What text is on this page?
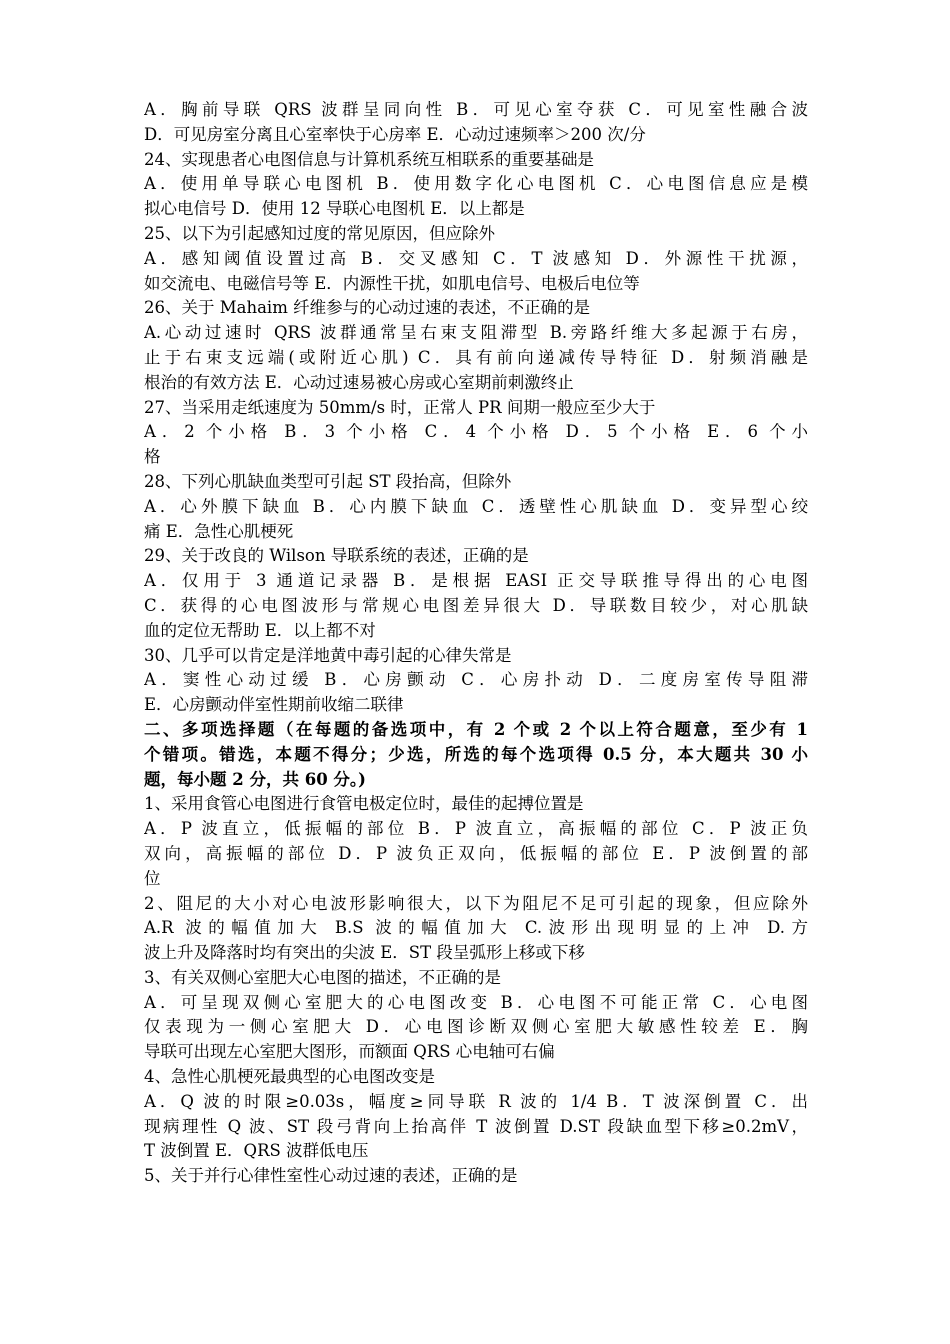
A．胸前导联 QRS 波群呈同向性 B．可见心室夺获 C．可见室性融合波
D．可见房室分离且心室率快于心房率 E．心动过速频率＞200 次/分
24、实现患者心电图信息与计算机系统互相联系的重要基础是
A．使用单导联心电图机 B．使用数字化心电图机 C．心电图信息应是模
拟心电信号 D．使用 12 导联心电图机 E．以上都是
25、以下为引起感知过度的常见原因，但应除外
A．感知阈值设置过高 B．交叉感知 C．T 波感知 D．外源性干扰源，
如交流电、电磁信号等 E．内源性干扰，如肌电信号、电极后电位等
26、关于 Mahaim 纤维参与的心动过速的表述，不正确的是
A.心动过速时 QRS 波群通常呈右束支阻滞型 B.旁路纤维大多起源于右房，
止于右束支远端(或附近心肌) C．具有前向递减传导特征 D．射频消融是
根治的有效方法 E．心动过速易被心房或心室期前刺激终止
27、当采用走纸速度为 50mm/s 时，正常人 PR 间期一般应至少大于
A．2 个小格 B．3 个小格 C．4 个小格 D．5 个小格 E．6 个小
格
28、下列心肌缺血类型可引起 ST 段抬高，但除外
A．心外膜下缺血 B．心内膜下缺血 C．透壁性心肌缺血 D．变异型心绞
痛 E．急性心肌梗死
29、关于改良的 Wilson 导联系统的表述，正确的是
A．仅用于 3 通道记录器 B．是根据 EASI 正交导联推导得出的心电图
C．获得的心电图波形与常规心电图差异很大 D．导联数目较少，对心肌缺
血的定位无帮助 E．以上都不对
30、几乎可以肯定是洋地黄中毒引起的心律失常是
A．窦性心动过缓 B．心房颤动 C．心房扑动 D．二度房室传导阻滞
E．心房颤动伴室性期前收缩二联律
二、多项选择题（在每题的备选项中，有 2 个或 2 个以上符合题意，至少有 1
个错项。错选，本题不得分；少选，所选的每个选项得 0.5 分，本大题共 30 小
题，每小题 2 分，共 60 分。)
1、采用食管心电图进行食管电极定位时，最佳的起搏位置是
A．P 波直立，低振幅的部位 B．P 波直立，高振幅的部位 C．P 波正负
双向，高振幅的部位 D．P 波负正双向，低振幅的部位 E．P 波倒置的部
位
2、阻尼的大小对心电波形影响很大，以下为阻尼不足可引起的现象，但应除外
A.R 波的幅值加大 B.S 波的幅值加大 C.波形出现明显的上冲 D.方
波上升及降落时均有突出的尖波 E．ST 段呈弧形上移或下移
3、有关双侧心室肥大心电图的描述，不正确的是
A．可呈现双侧心室肥大的心电图改变 B．心电图不可能正常 C．心电图
仅表现为一侧心室肥大 D．心电图诊断双侧心室肥大敏感性较差 E．胸
导联可出现左心室肥大图形，而额面 QRS 心电轴可右偏
4、急性心肌梗死最典型的心电图改变是
A．Q 波的时限≥0.03s，幅度≥同导联 R 波的 1/4 B．T 波深倒置 C．出
现病理性 Q 波、ST 段弓背向上抬高伴 T 波倒置 D.ST 段缺血型下移≥0.2mV，
T 波倒置 E．QRS 波群低电压
5、关于并行心律性室性心动过速的表述，正确的是
